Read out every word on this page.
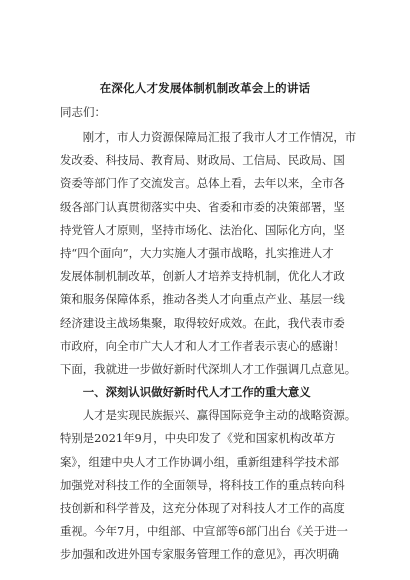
在深化人才发展体制机制改革会上的讲话
同志们：
　　刚才，市人力资源保障局汇报了我市人才工作情况，市
发改委、科技局、教育局、财政局、工信局、民政局、国
资委等部门作了交流发言。总体上看，去年以来，全市各
级各部门认真贯彻落实中央、省委和市委的决策部署，坚
持党管人才原则，坚持市场化、法治化、国际化方向，坚
持“四个面向”，大力实施人才强市战略，扎实推进人才
发展体制机制改革，创新人才培养支持机制，优化人才政
策和服务保障体系，推动各类人才向重点产业、基层一线
经济建设主战场集聚，取得较好成效。在此，我代表市委
市政府，向全市广大人才和人才工作者表示衷心的感谢！
下面，我就进一步做好新时代深圳人才工作强调几点意见。
　　一、深刻认识做好新时代人才工作的重大意义
　　人才是实现民族振兴、赢得国际竞争主动的战略资源。
特别是2021年9月，中央印发了《党和国家机构改革方
案》，组建中央人才工作协调小组，重新组建科学技术部
加强党对科技工作的全面领导，将科技工作的重点转向科
技创新和科学普及，这充分体现了对科技人才工作的高度
重视。今年7月，中组部、中宣部等6部门出台《关于进一
步加强和改进外国专家服务管理工作的意见》，再次明确
